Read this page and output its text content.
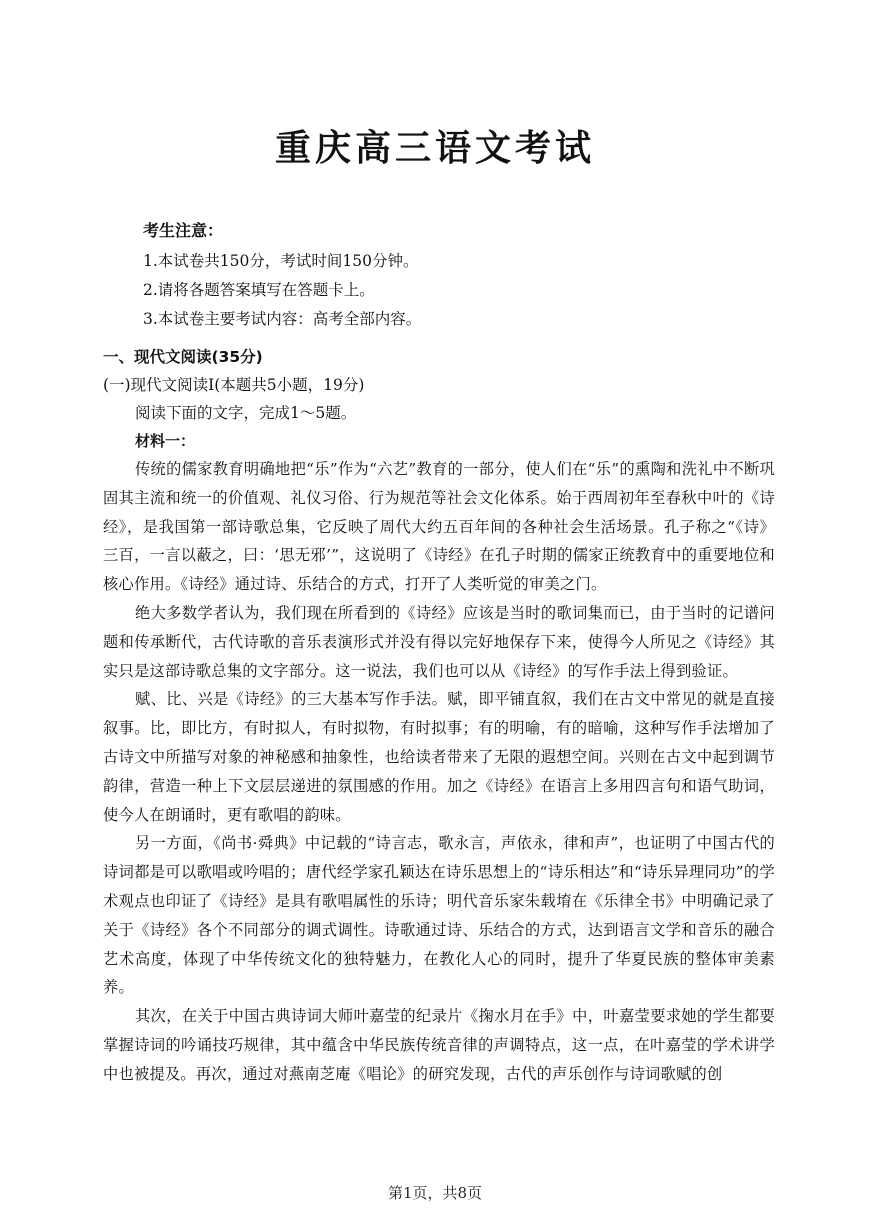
重庆高三语文考试
考生注意：
1.本试卷共150分，考试时间150分钟。
2.请将各题答案填写在答题卡上。
3.本试卷主要考试内容：高考全部内容。
一、现代文阅读(35分)
(一)现代文阅读Ⅰ(本题共5小题，19分)
阅读下面的文字，完成1～5题。
材料一：

传统的儒家教育明确地把“乐”作为“六艺”教育的一部分，使人们在“乐”的熏陶和洗礼中不断巩固其主流和统一的价值观、礼仪习俗、行为规范等社会文化体系。始于西周初年至春秋中叶的《诗经》，是我国第一部诗歌总集，它反映了周代大约五百年间的各种社会生活场景。孔子称之“《诗》三百，一言以蔽之，曰：‘思无邪’”，这说明了《诗经》在孔子时期的儒家正统教育中的重要地位和核心作用。《诗经》通过诗、乐结合的方式，打开了人类听觉的审美之门。

绝大多数学者认为，我们现在所看到的《诗经》应该是当时的歌词集而已，由于当时的记谱问题和传承断代，古代诗歌的音乐表演形式并没有得以完好地保存下来，使得今人所见之《诗经》其实只是这部诗歌总集的文字部分。这一说法，我们也可以从《诗经》的写作手法上得到验证。

赋、比、兴是《诗经》的三大基本写作手法。赋，即平铺直叙，我们在古文中常见的就是直接叙事。比，即比方，有时拟人，有时拟物，有时拟事；有的明喻，有的暗喻，这种写作手法增加了古诗文中所描写对象的神秘感和抽象性，也给读者带来了无限的遐想空间。兴则在古文中起到调节韵律，营造一种上下文层层递进的氛围感的作用。加之《诗经》在语言上多用四言句和语气助词，使今人在朗诵时，更有歌唱的韵味。

另一方面，《尚书·舜典》中记载的“诗言志，歌永言，声依永，律和声”，也证明了中国古代的诗词都是可以歌唱或吟唱的；唐代经学家孔颖达在诗乐思想上的“诗乐相达”和“诗乐异理同功”的学术观点也印证了《诗经》是具有歌唱属性的乐诗；明代音乐家朱载堉在《乐律全书》中明确记录了关于《诗经》各个不同部分的调式调性。诗歌通过诗、乐结合的方式，达到语言文学和音乐的融合艺术高度，体现了中华传统文化的独特魅力，在教化人心的同时，提升了华夏民族的整体审美素养。

其次，在关于中国古典诗词大师叶嘉莹的纪录片《掬水月在手》中，叶嘉莹要求她的学生都要掌握诗词的吟诵技巧规律，其中蕴含中华民族传统音律的声调特点，这一点，在叶嘉莹的学术讲学中也被提及。再次，通过对燕南芝庵《唱论》的研究发现，古代的声乐创作与诗词歌赋的创

第1页，共8页
